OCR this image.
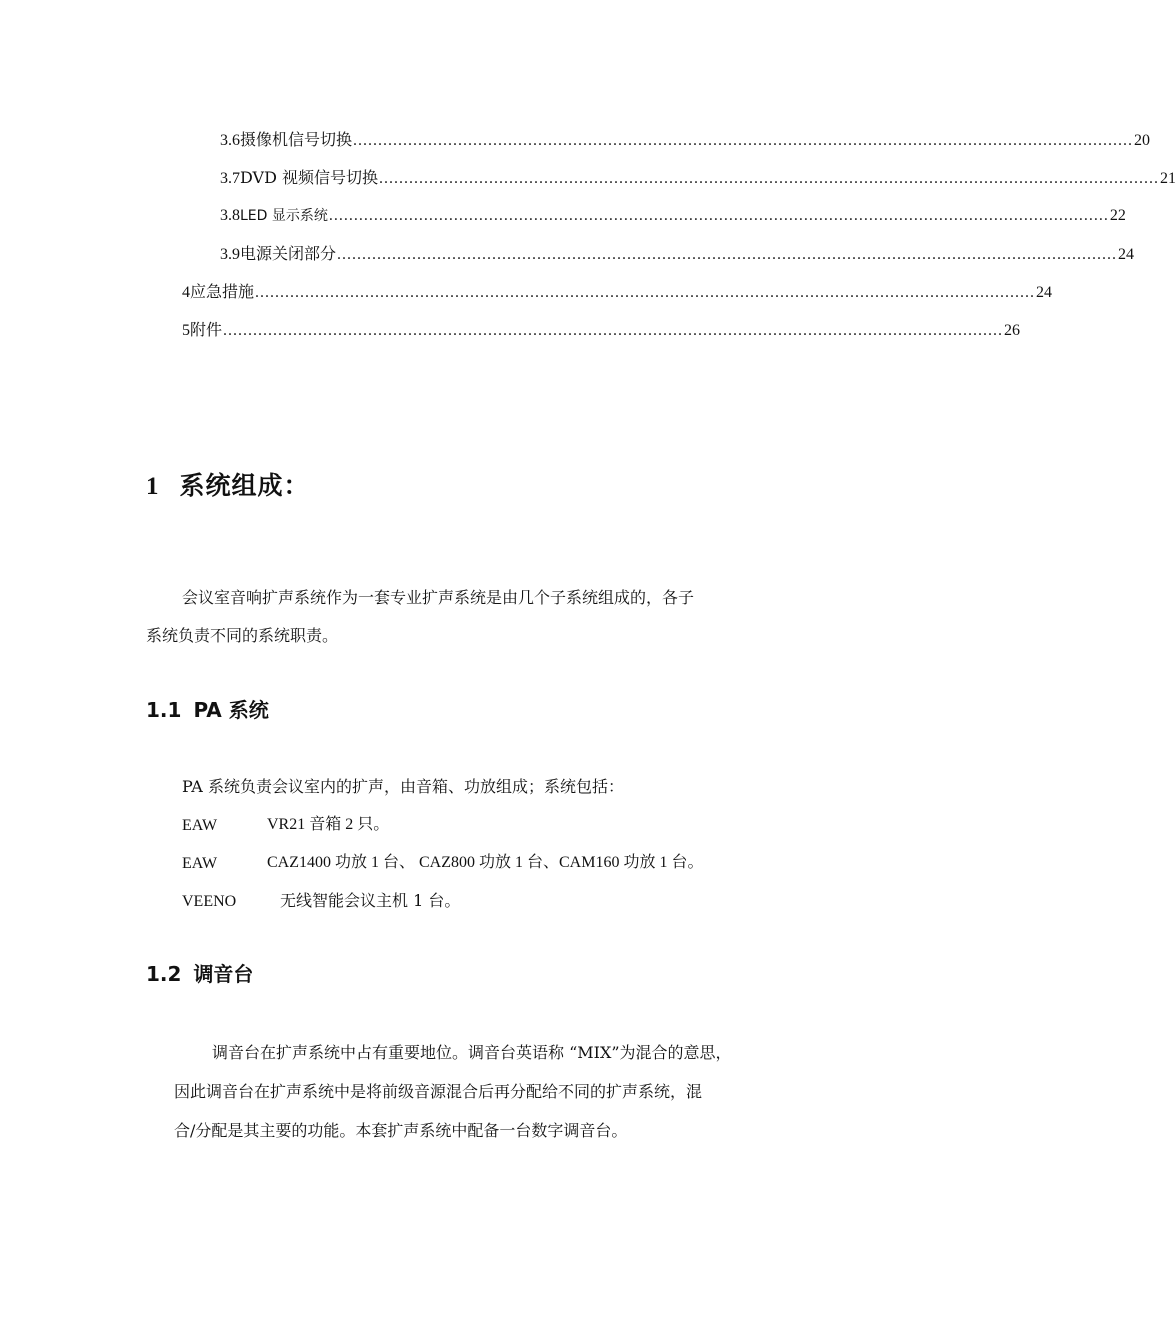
3.6 摄像机信号切换 ............................................................................................................................................................ 20
3.7 DVD 视频信号切换 ............................................................................................................................................................ 21
3.8 LED 显示系统 ............................................................................................................................................................ 22
3.9 电源关闭部分 ............................................................................................................................................................ 24
4 应急措施 ............................................................................................................................................................ 24
5 附件 ............................................................................................................................................................ 26
1 系统组成：
会议室音响扩声系统作为一套专业扩声系统是由几个子系统组成的，各子
系统负责不同的系统职责。
1.1 PA 系统
PA 系统负责会议室内的扩声，由音箱、功放组成；系统包括：
EAW	VR21 音箱 2 只。
EAW	CAZ1400 功放 1 台、 CAZ800 功放 1 台、CAM160 功放 1 台。
VEENO	无线智能会议主机 1 台。
1.2 调音台
调音台在扩声系统中占有重要地位。调音台英语称 “MIX”为混合的意思，
因此调音台在扩声系统中是将前级音源混合后再分配给不同的扩声系统，混
合/分配是其主要的功能。本套扩声系统中配备一台数字调音台。
